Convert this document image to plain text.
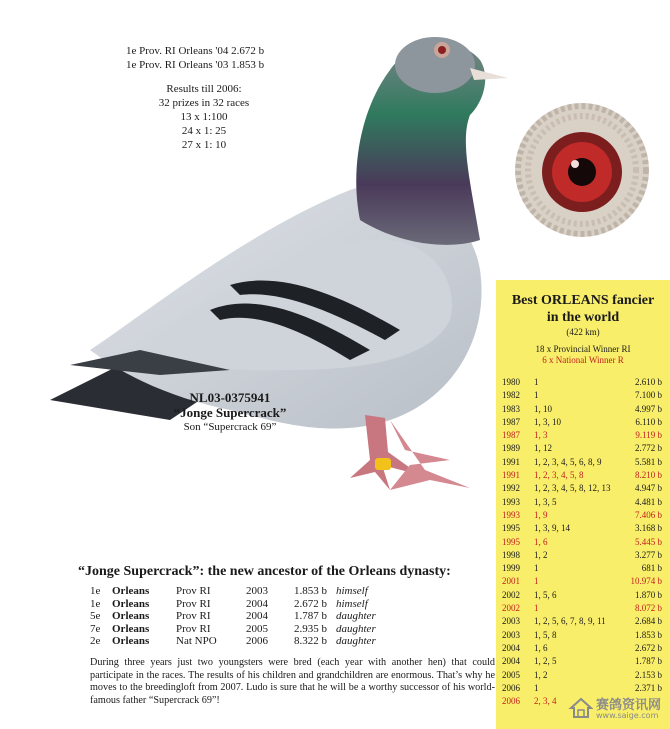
1e Prov. RI Orleans '04 2.672 b
1e Prov. RI Orleans '03 1.853 b
Results till 2006:
32 prizes in 32 races
13 x 1:100
24 x 1: 25
27 x 1: 10
NL03-0375941
“Jonge Supercrack”
Son “Supercrack 69”
Best ORLEANS fancier
in the world
(422 km)
18 x Provincial Winner RI
6 x National Winner R
1980 1	2.610 b
1982 1	7.100 b
1983 1, 10	4.997 b
1987 1, 3, 10	6.110 b
1987 1, 3	9.119 b
1989 1, 12	2.772 b
1991 1, 2, 3, 4, 5, 6, 8, 9	5.581 b
1991 1, 2, 3, 4, 5, 8	8.210 b
1992 1, 2, 3, 4, 5, 8, 12, 13	4.947 b
1993 1, 3, 5	4.481 b
1993 1, 9	7.406 b
1995 1, 3, 9, 14	3.168 b
1995 1, 6	5.445 b
1998 1, 2	3.277 b
1999 1	681 b
2001 1	10.974 b
2002 1, 5, 6	1.870 b
2002 1	8.072 b
2003 1, 2, 5, 6, 7, 8, 9, 11	2.684 b
2003 1, 5, 8	1.853 b
2004 1, 6	2.672 b
2004 1, 2, 5	1.787 b
2005 1, 2	2.153 b
2006 1	2.371 b
2006 2, 3, 4
“Jonge Supercrack”: the new ancestor of the Orleans dynasty:
1e Orleans Prov RI	2003 1.853 b himself
1e Orleans Prov RI	2004 2.672 b himself
5e Orleans Prov RI	2004 1.787 b daughter
7e Orleans Prov RI	2005 2.935 b daughter
2e Orleans Nat NPO	2006 8.322 b daughter
During three years just two youngsters were bred (each year with another hen) that could participate in the races. The results of his children and grandchildren are enormous. That’s why he moves to the breedingloft from 2007. Ludo is sure that he will be a worthy successor of his world-famous father “Supercrack 69”!	赛鸽资讯网
www.saige.com
